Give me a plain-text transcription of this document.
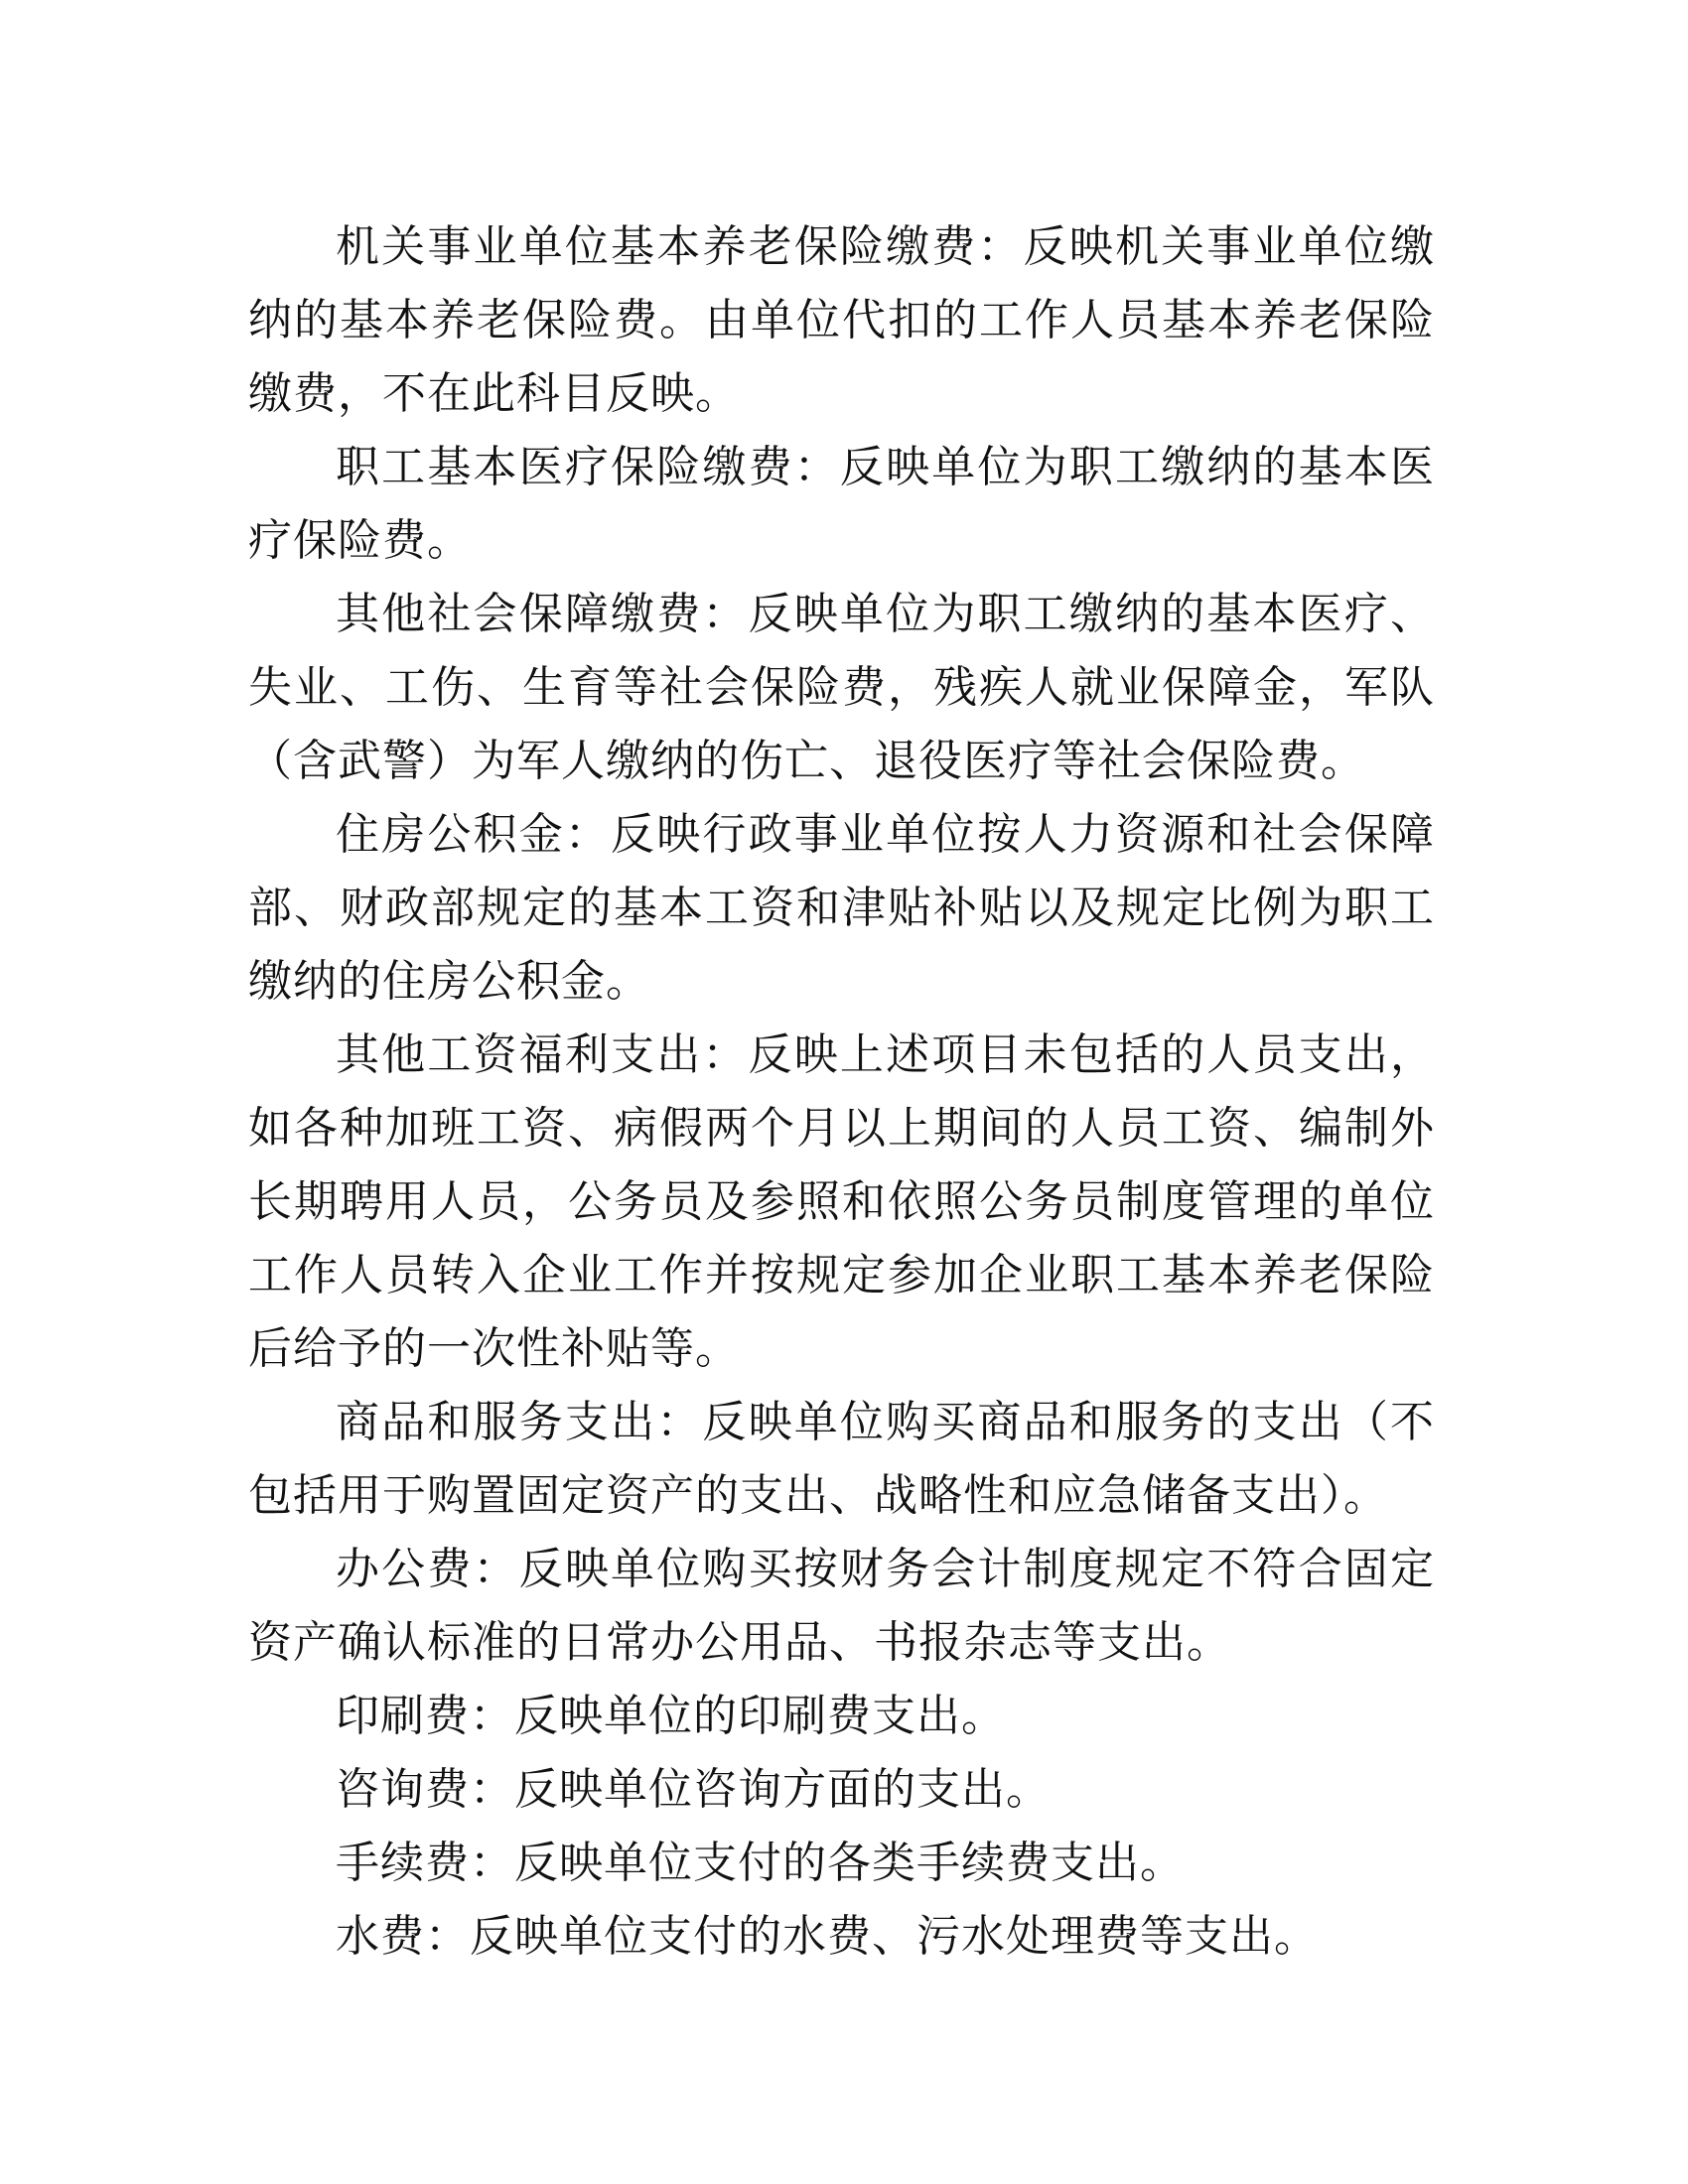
机关事业单位基本养老保险缴费：反映机关事业单位缴纳的基本养老保险费。由单位代扣的工作人员基本养老保险缴费，不在此科目反映。

职工基本医疗保险缴费：反映单位为职工缴纳的基本医疗保险费。

其他社会保障缴费：反映单位为职工缴纳的基本医疗、失业、工伤、生育等社会保险费，残疾人就业保障金，军队（含武警）为军人缴纳的伤亡、退役医疗等社会保险费。

住房公积金：反映行政事业单位按人力资源和社会保障部、财政部规定的基本工资和津贴补贴以及规定比例为职工缴纳的住房公积金。

其他工资福利支出：反映上述项目未包括的人员支出，如各种加班工资、病假两个月以上期间的人员工资、编制外长期聘用人员，公务员及参照和依照公务员制度管理的单位工作人员转入企业工作并按规定参加企业职工基本养老保险后给予的一次性补贴等。

商品和服务支出：反映单位购买商品和服务的支出（不包括用于购置固定资产的支出、战略性和应急储备支出）。

办公费：反映单位购买按财务会计制度规定不符合固定资产确认标准的日常办公用品、书报杂志等支出。

印刷费：反映单位的印刷费支出。

咨询费：反映单位咨询方面的支出。

手续费：反映单位支付的各类手续费支出。

水费：反映单位支付的水费、污水处理费等支出。
